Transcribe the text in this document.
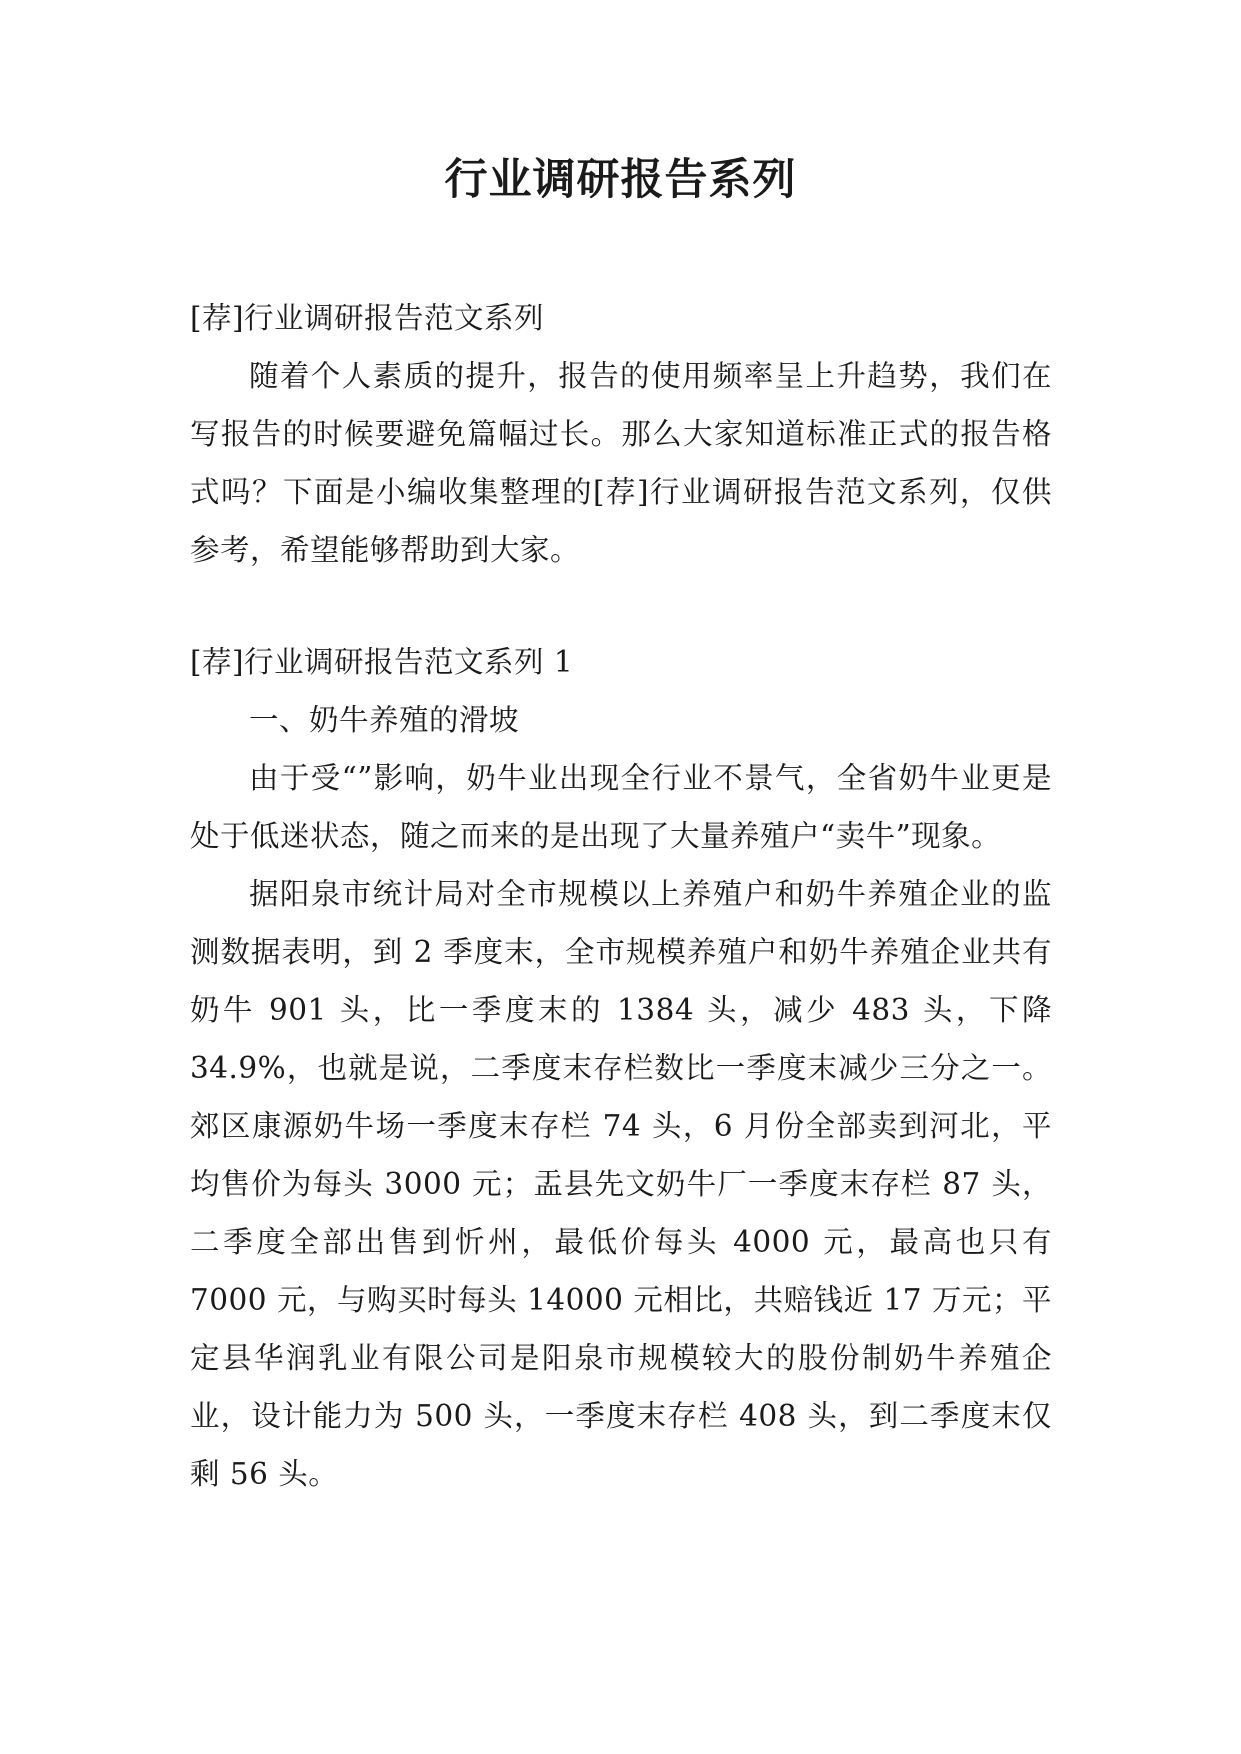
行业调研报告系列

[荐]行业调研报告范文系列

随着个人素质的提升，报告的使用频率呈上升趋势，我们在写报告的时候要避免篇幅过长。那么大家知道标准正式的报告格式吗？下面是小编收集整理的[荐]行业调研报告范文系列，仅供参考，希望能够帮助到大家。

[荐]行业调研报告范文系列 1

一、奶牛养殖的滑坡

由于受“”影响，奶牛业出现全行业不景气，全省奶牛业更是处于低迷状态，随之而来的是出现了大量养殖户“卖牛”现象。

据阳泉市统计局对全市规模以上养殖户和奶牛养殖企业的监测数据表明，到 2 季度末，全市规模养殖户和奶牛养殖企业共有奶牛 901 头，比一季度末的 1384 头，减少 483 头，下降 34.9%，也就是说，二季度末存栏数比一季度末减少三分之一。郊区康源奶牛场一季度末存栏 74 头，6 月份全部卖到河北，平均售价为每头 3000 元；盂县先文奶牛厂一季度末存栏 87 头，二季度全部出售到忻州，最低价每头 4000 元，最高也只有 7000 元，与购买时每头 14000 元相比，共赔钱近 17 万元；平定县华润乳业有限公司是阳泉市规模较大的股份制奶牛养殖企业，设计能力为 500 头，一季度末存栏 408 头，到二季度末仅剩 56 头。
